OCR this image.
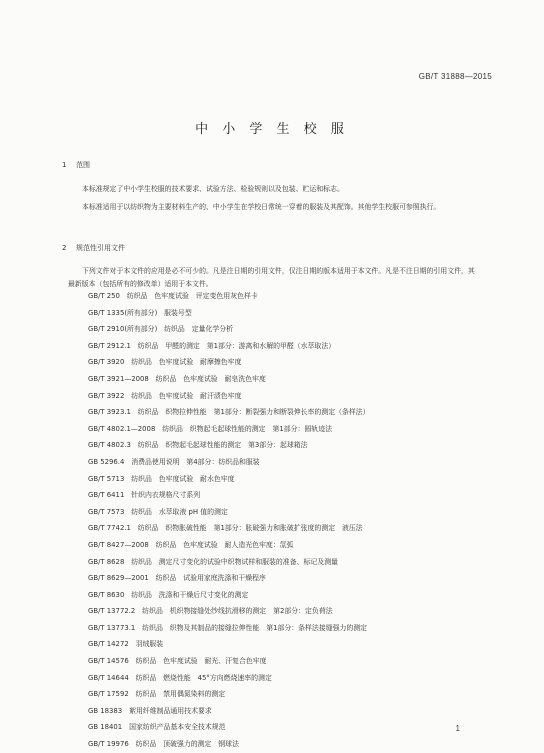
GB/T 31888—2015
中 小 学 生 校 服
1 范围
本标准规定了中小学生校服的技术要求、试验方法、检验规则以及包装、贮运和标志。
本标准适用于以纺织物为主要材料生产的、中小学生在学校日常统一穿着的服装及其配饰。其他学生校服可参照执行。
2 规范性引用文件
下列文件对于本文件的应用是必不可少的。凡是注日期的引用文件，仅注日期的版本适用于本文件。凡是不注日期的引用文件，其最新版本（包括所有的修改单）适用于本文件。
GB/T 250　纺织品　色牢度试验　评定变色用灰色样卡
GB/T 1335(所有部分)　服装号型
GB/T 2910(所有部分)　纺织品　定量化学分析
GB/T 2912.1　纺织品　甲醛的测定　第1部分：游离和水解的甲醛（水萃取法）
GB/T 3920　纺织品　色牢度试验　耐摩擦色牢度
GB/T 3921—2008　纺织品　色牢度试验　耐皂洗色牢度
GB/T 3922　纺织品　色牢度试验　耐汗渍色牢度
GB/T 3923.1　纺织品　织物拉伸性能　第1部分：断裂强力和断裂伸长率的测定（条样法）
GB/T 4802.1—2008　纺织品　织物起毛起球性能的测定　第1部分：圆轨迹法
GB/T 4802.3　纺织品　织物起毛起球性能的测定　第3部分：起球箱法
GB 5296.4　消费品使用说明　第4部分：纺织品和服装
GB/T 5713　纺织品　色牢度试验　耐水色牢度
GB/T 6411　针织内衣规格尺寸系列
GB/T 7573　纺织品　水萃取液 pH 值的测定
GB/T 7742.1　纺织品　织物胀破性能　第1部分：胀破强力和胀破扩张度的测定　液压法
GB/T 8427—2008　纺织品　色牢度试验　耐人造光色牢度：氙弧
GB/T 8628　纺织品　测定尺寸变化的试验中织物试样和服装的准备、标记及测量
GB/T 8629—2001　纺织品　试验用家庭洗涤和干燥程序
GB/T 8630　纺织品　洗涤和干燥后尺寸变化的测定
GB/T 13772.2　纺织品　机织物接缝处纱线抗滑移的测定　第2部分：定负荷法
GB/T 13773.1　纺织品　织物及其制品的接缝拉伸性能　第1部分：条样法接缝强力的测定
GB/T 14272　羽绒服装
GB/T 14576　纺织品　色牢度试验　耐光、汗复合色牢度
GB/T 14644　纺织品　燃烧性能　45°方向燃烧速率的测定
GB/T 17592　纺织品　禁用偶氮染料的测定
GB 18383　絮用纤维制品通用技术要求
GB 18401　国家纺织产品基本安全技术规范
GB/T 19976　纺织品　顶破强力的测定　钢球法
1
